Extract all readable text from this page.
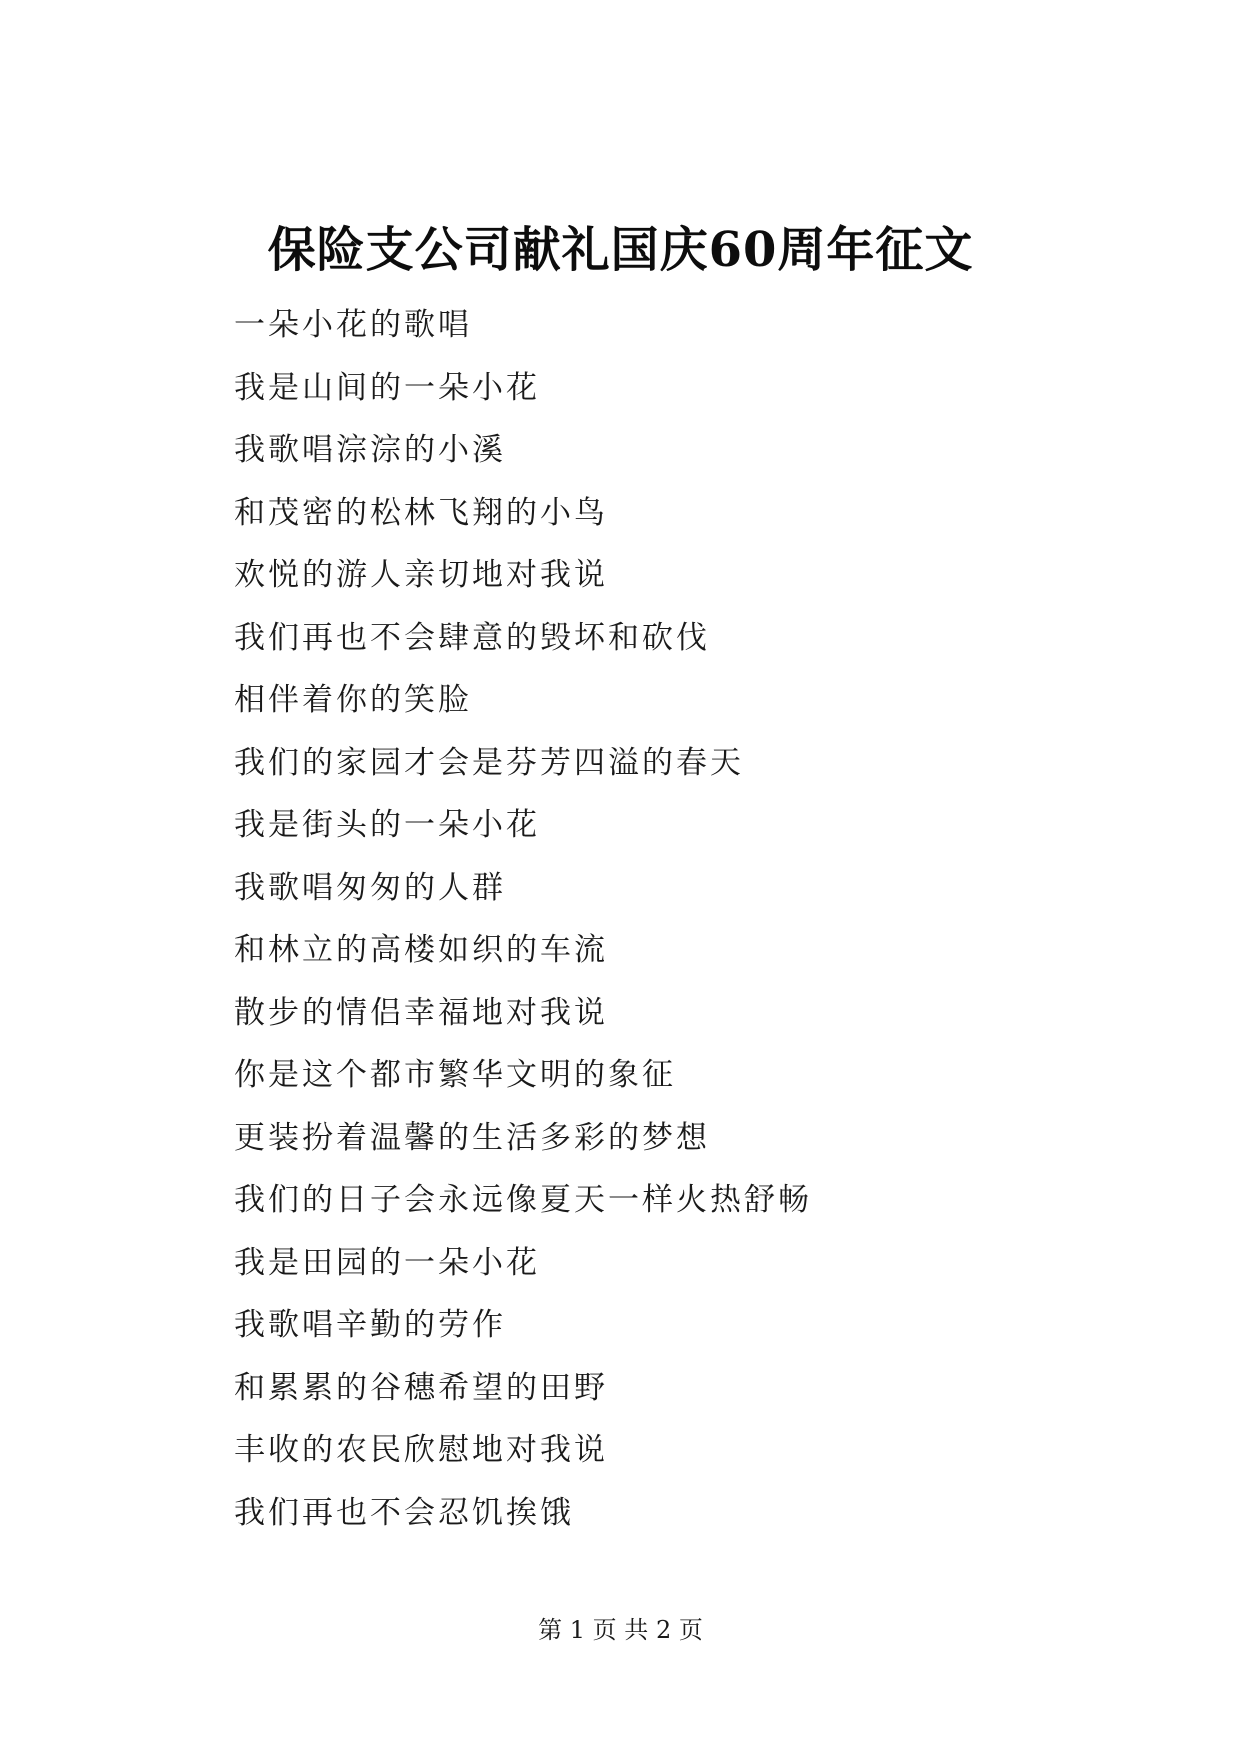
保险支公司献礼国庆60周年征文
一朵小花的歌唱
我是山间的一朵小花
我歌唱淙淙的小溪
和茂密的松林飞翔的小鸟
欢悦的游人亲切地对我说
我们再也不会肆意的毁坏和砍伐
相伴着你的笑脸
我们的家园才会是芬芳四溢的春天
我是街头的一朵小花
我歌唱匆匆的人群
和林立的高楼如织的车流
散步的情侣幸福地对我说
你是这个都市繁华文明的象征
更装扮着温馨的生活多彩的梦想
我们的日子会永远像夏天一样火热舒畅
我是田园的一朵小花
我歌唱辛勤的劳作
和累累的谷穗希望的田野
丰收的农民欣慰地对我说
我们再也不会忍饥挨饿
第 1 页 共 2 页
